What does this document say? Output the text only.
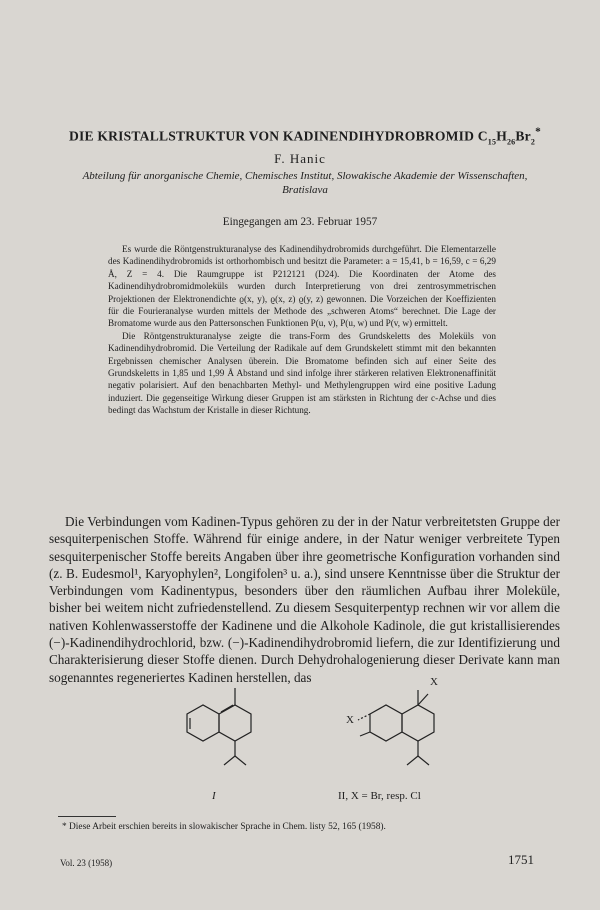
DIE KRISTALLSTRUKTUR VON KADINENDIHYDROBROMID $C_{15}H_{26}Br_2^*$
F. Hanic
Abteilung für anorganische Chemie, Chemisches Institut, Slowakische Akademie der Wissenschaften,
Bratislava
Eingegangen am 23. Februar 1957

Es wurde die Röntgenstrukturanalyse des Kadinendihydrobromids durchgeführt. Die Elementarzelle des Kadinendihydrobromids ist orthorhombisch und besitzt die Parameter: a = 15,41, b = 16,59, c = 6,29 Å, Z = 4. Die Raumgruppe ist P212121 (D24). Die Koordinaten der Atome des Kadinendihydrobromidmoleküls wurden durch Interpretierung von drei zentrosymmetrischen Projektionen der Elektronendichte ϱ(x, y), ϱ(x, z) ϱ(y, z) gewonnen. Die Vorzeichen der Koeffizienten für die Fourieranalyse wurden mittels der Methode des „schweren Atoms“ berechnet. Die Lage der Bromatome wurde aus den Pattersonschen Funktionen P(u, v), P(u, w) und P(v, w) ermittelt.

Die Röntgenstrukturanalyse zeigte die trans-Form des Grundskeletts des Moleküls von Kadinendihydrobromid. Die Verteilung der Radikale auf dem Grundskelett stimmt mit den bekannten Ergebnissen chemischer Analysen überein. Die Bromatome befinden sich auf einer Seite des Grundskeletts in 1,85 und 1,99 Å Abstand und sind infolge ihrer stärkeren relativen Elektronenaffinität negativ polarisiert. Auf den benachbarten Methyl- und Methylengruppen wird eine positive Ladung induziert. Die gegenseitige Wirkung dieser Gruppen ist am stärksten in Richtung der c-Achse und dies bedingt das Wachstum der Kristalle in dieser Richtung.

Die Verbindungen vom Kadinen-Typus gehören zu der in der Natur verbreitetsten Gruppe der sesquiterpenischen Stoffe. Während für einige andere, in der Natur weniger verbreitete Typen sesquiterpenischer Stoffe bereits Angaben über ihre geometrische Konfiguration vorhanden sind (z. B. Eudesmol¹, Karyophylen², Longifolen³ u. a.), sind unsere Kenntnisse über die Struktur der Verbindungen vom Kadinentypus, besonders über den räumlichen Aufbau ihrer Moleküle, bisher bei weitem nicht zufriedenstellend. Zu diesem Sesquiterpentyp rechnen wir vor allem die nativen Kohlenwasserstoffe der Kadinene und die Alkohole Kadinole, die gut kristallisierendes (−)-Kadinendihydrochlorid, bzw. (−)-Kadinendihydrobromid liefern, die zur Identifizierung und Charakterisierung dieser Stoffe dienen. Durch Dehydrohalogenierung dieser Derivate kann man sogenanntes regeneriertes Kadinen herstellen, das	X
X
I	II, X = Br, resp. Cl
* Diese Arbeit erschien bereits in slowakischer Sprache in Chem. listy 52, 165 (1958).
Vol. 23 (1958)	1751
